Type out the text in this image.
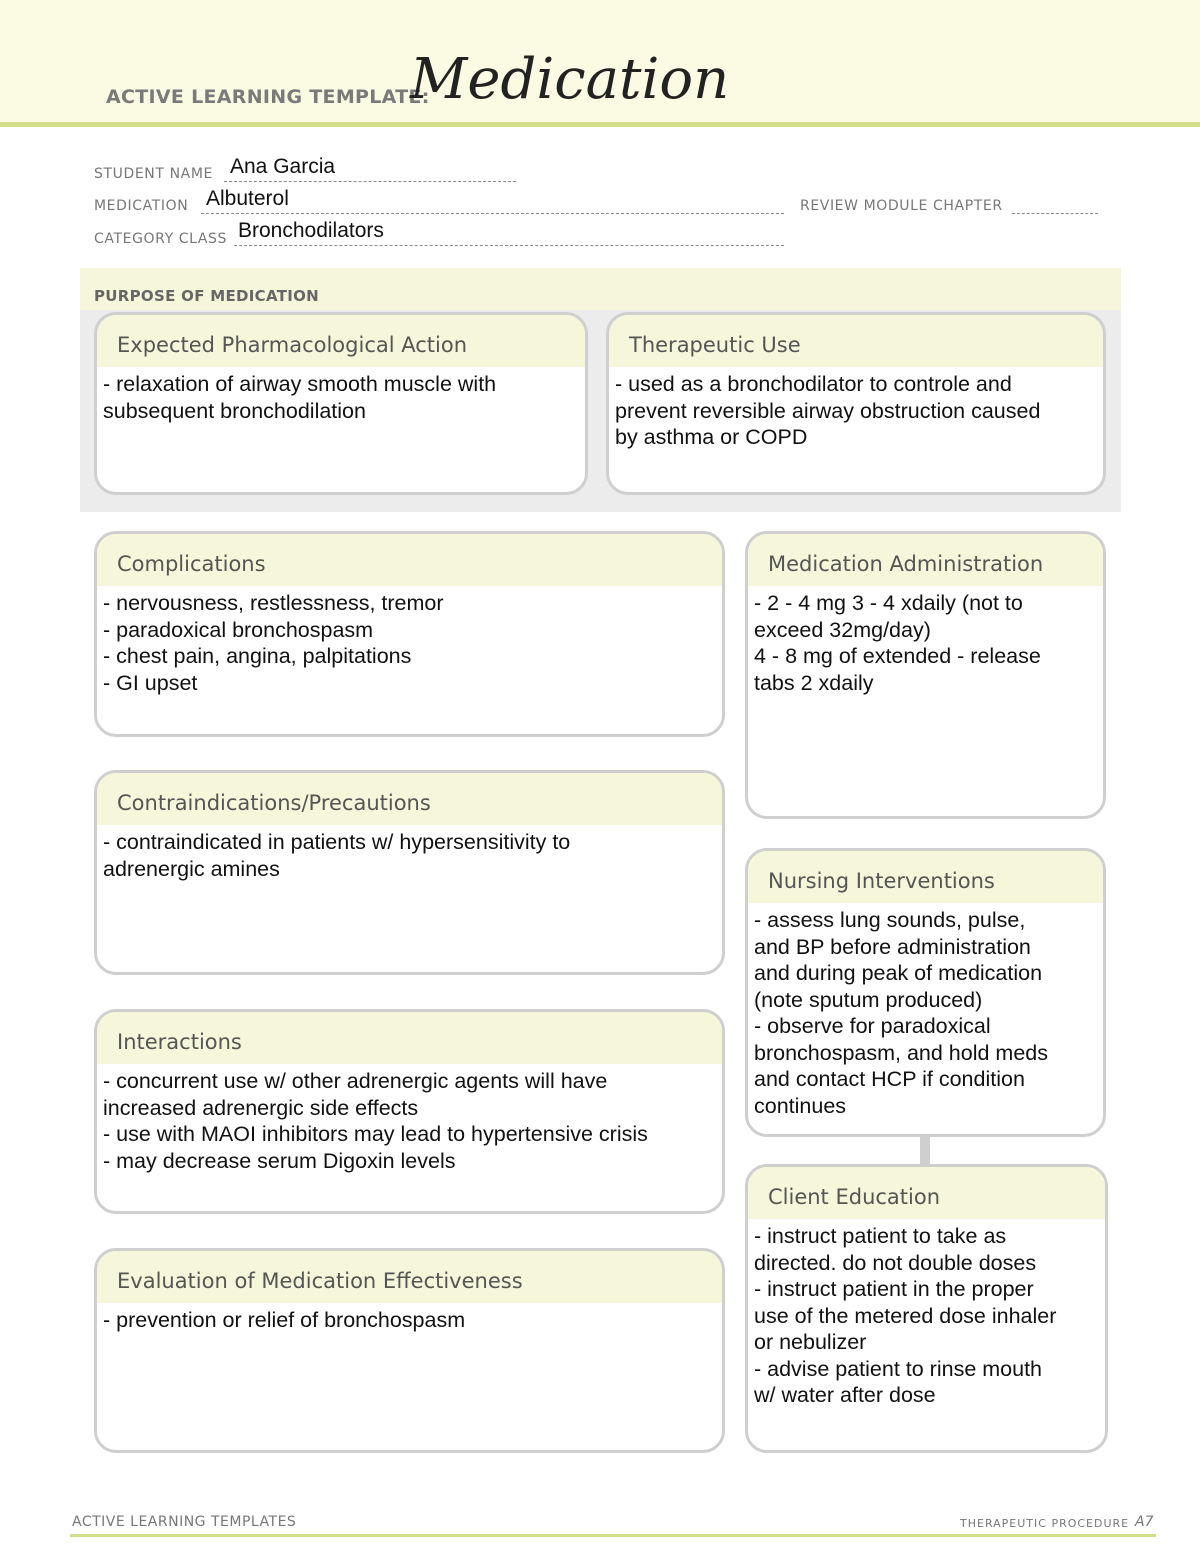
ACTIVE LEARNING TEMPLATE:
Medication
STUDENT NAME Ana Garcia
MEDICATION Albuterol	REVIEW MODULE CHAPTER
CATEGORY CLASS Bronchodilators
PURPOSE OF MEDICATION
Expected Pharmacological Action
- relaxation of airway smooth muscle with
subsequent bronchodilation
Therapeutic Use
- used as a bronchodilator to controle and
prevent reversible airway obstruction caused
by asthma or COPD
Complications
- nervousness, restlessness, tremor
- paradoxical bronchospasm
- chest pain, angina, palpitations
- GI upset
Contraindications/Precautions
- contraindicated in patients w/ hypersensitivity to
adrenergic amines
Interactions
- concurrent use w/ other adrenergic agents will have
increased adrenergic side effects
- use with MAOI inhibitors may lead to hypertensive crisis
- may decrease serum Digoxin levels
Evaluation of Medication Effectiveness
- prevention or relief of bronchospasm
Medication Administration
- 2 - 4 mg 3 - 4 xdaily (not to
exceed 32mg/day)
4 - 8 mg of extended - release
tabs 2 xdaily
Nursing Interventions
- assess lung sounds, pulse,
and BP before administration
and during peak of medication
(note sputum produced)
- observe for paradoxical
bronchospasm, and hold meds
and contact HCP if condition
continues
Client Education
- instruct patient to take as
directed. do not double doses
- instruct patient in the proper
use of the metered dose inhaler
or nebulizer
- advise patient to rinse mouth
w/ water after dose
ACTIVE LEARNING TEMPLATES	THERAPEUTIC PROCEDURE A7
